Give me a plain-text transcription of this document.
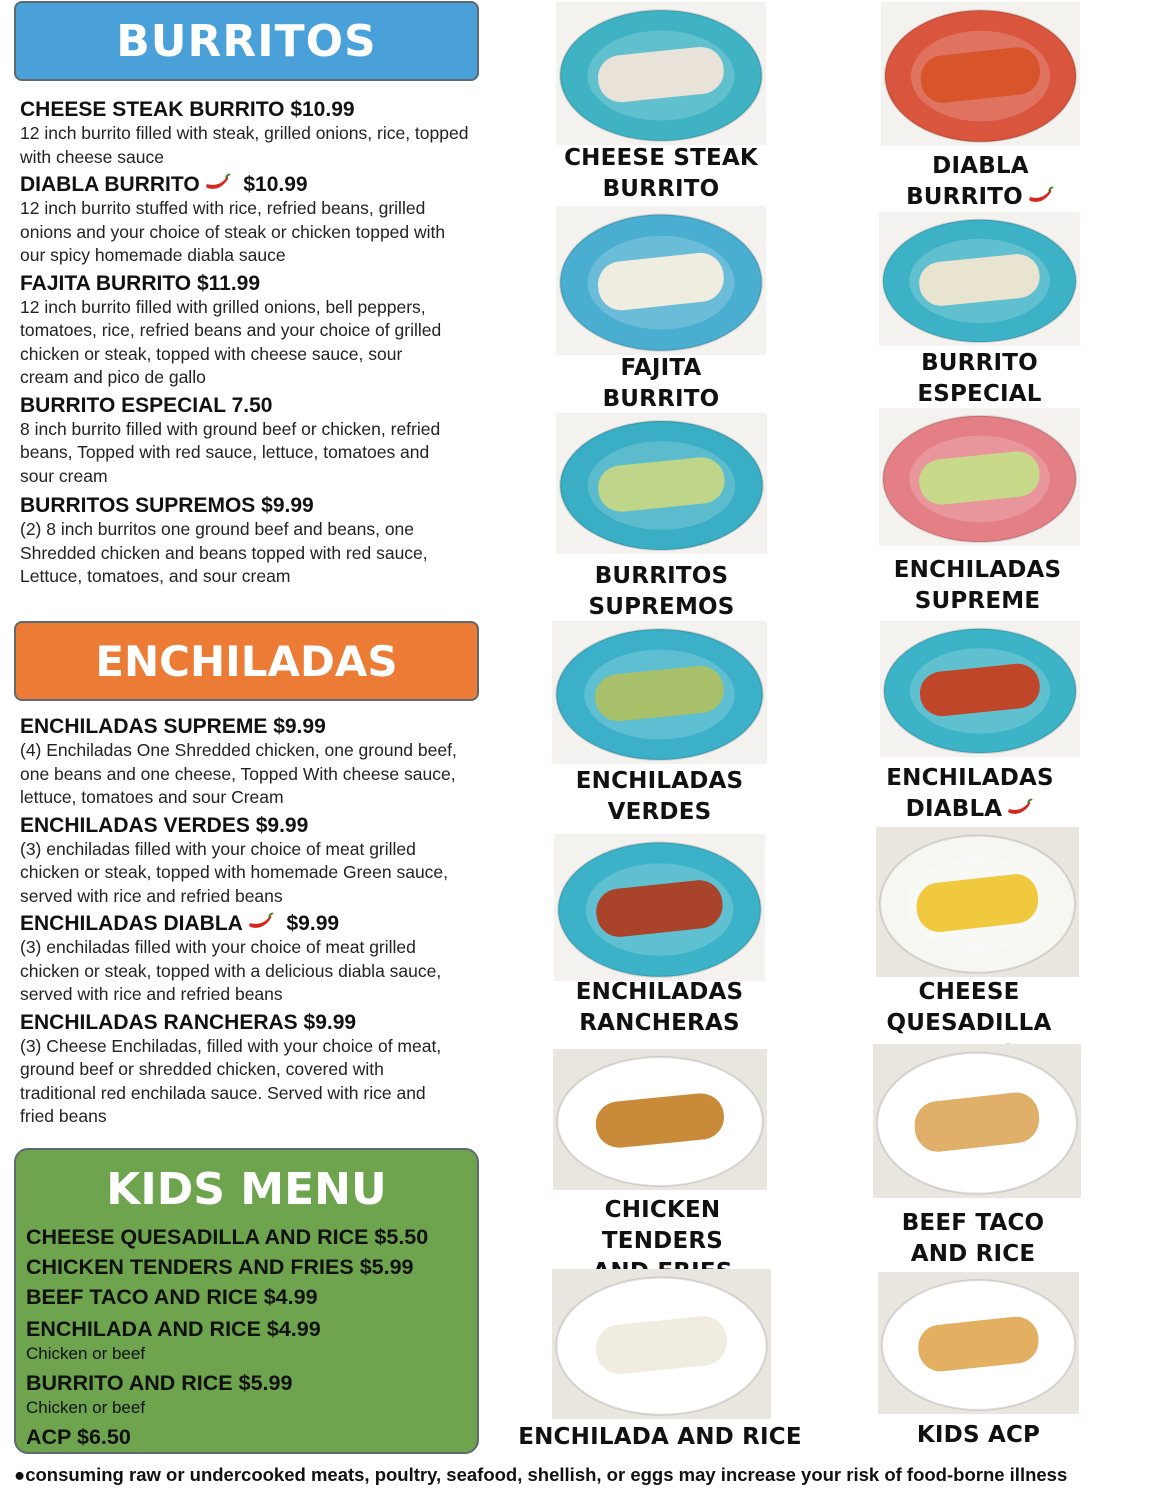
BURRITOS
CHEESE STEAK BURRITO $10.99
12 inch burrito filled with steak, grilled onions, rice, topped with cheese sauce
DIABLA BURRITO $10.99
12 inch burrito stuffed with rice, refried beans, grilled onions and your choice of steak or chicken topped with our spicy homemade diabla sauce
FAJITA BURRITO $11.99
12 inch burrito filled with grilled onions, bell peppers, tomatoes, rice, refried beans and your choice of grilled chicken or steak, topped with cheese sauce, sour cream and pico de gallo
BURRITO ESPECIAL 7.50
8 inch burrito filled with ground beef or chicken, refried beans, Topped with red sauce, lettuce, tomatoes and sour cream
BURRITOS SUPREMOS $9.99
(2) 8 inch burritos one ground beef and beans, one Shredded chicken and beans topped with red sauce, Lettuce, tomatoes, and sour cream
ENCHILADAS
ENCHILADAS SUPREME $9.99
(4) Enchiladas One Shredded chicken, one ground beef, one beans and one cheese, Topped With cheese sauce, lettuce, tomatoes and sour Cream
ENCHILADAS VERDES $9.99
(3) enchiladas filled with your choice of meat grilled chicken or steak, topped with homemade Green sauce, served with rice and refried beans
ENCHILADAS DIABLA $9.99
(3) enchiladas filled with your choice of meat grilled chicken or steak, topped with a delicious diabla sauce, served with rice and refried beans
ENCHILADAS RANCHERAS $9.99
(3) Cheese Enchiladas, filled with your choice of meat, ground beef or shredded chicken, covered with traditional red enchilada sauce. Served with rice and fried beans
KIDS MENU
CHEESE QUESADILLA AND RICE $5.50
CHICKEN TENDERS AND FRIES $5.99
BEEF TACO AND RICE $4.99
ENCHILADA AND RICE $4.99
Chicken or beef
BURRITO AND RICE $5.99
Chicken or beef
ACP $6.50
CHEESE STEAK
BURRITO
DIABLA
BURRITO
FAJITA
BURRITO
BURRITO
ESPECIAL
BURRITOS
SUPREMOS
ENCHILADAS
SUPREME
ENCHILADAS
VERDES
ENCHILADAS
DIABLA
ENCHILADAS
RANCHERAS
CHEESE QUESADILLA
CHICKEN TENDERS
BEEF TACO
AND RICE
ENCHILADA AND RICE	KIDS ACP
●consuming raw or undercooked meats, poultry, seafood, shellish, or eggs may increase your risk of food-borne illness
